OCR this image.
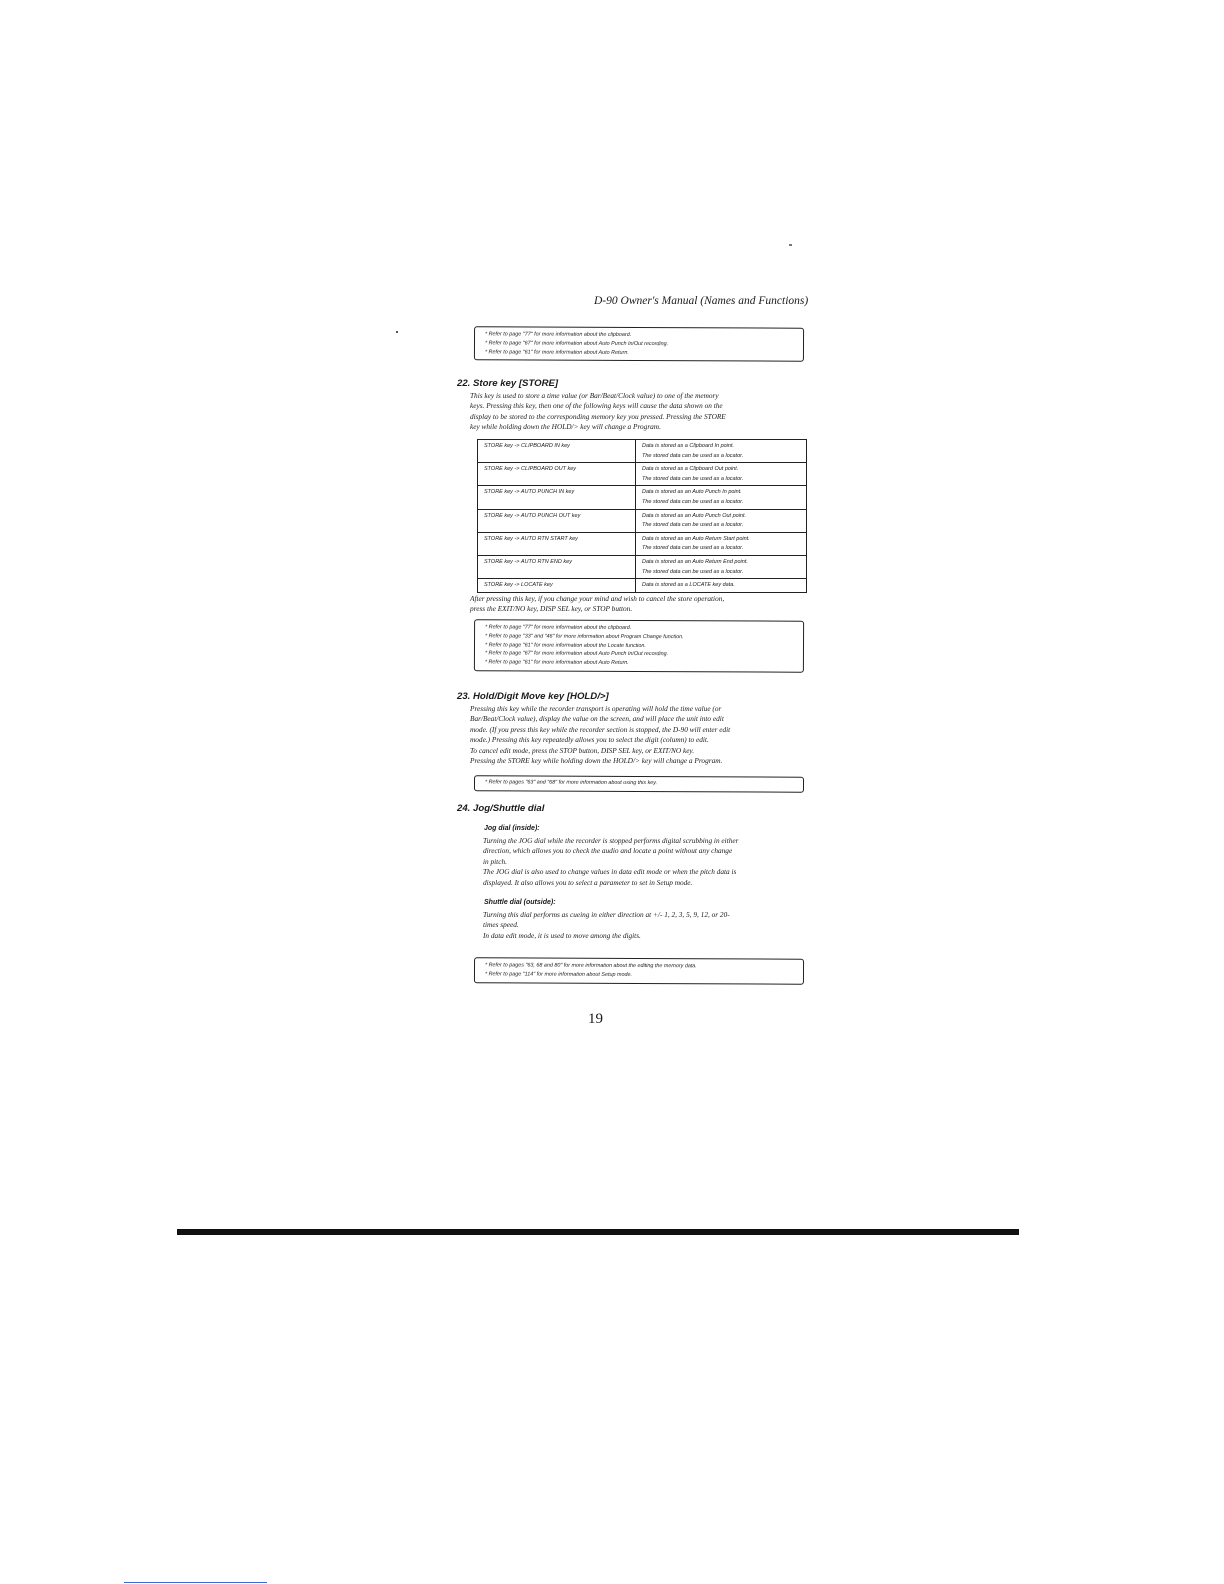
D-90 Owner's Manual (Names and Functions)
* Refer to page "77" for more information about the clipboard.
* Refer to page "67" for more information about Auto Punch In/Out recording.
* Refer to page "61" for more information about Auto Return.
22. Store key [STORE]
This key is used to store a time value (or Bar/Beat/Clock value) to one of the memory
keys. Pressing this key, then one of the following keys will cause the data shown on the
display to be stored to the corresponding memory key you pressed. Pressing the STORE
key while holding down the HOLD/> key will change a Program.
STORE key -> CLIPBOARD IN key	Data is stored as a Clipboard In point.
The stored data can be used as a locator.

STORE key -> CLIPBOARD OUT key	Data is stored as a Clipboard Out point.
The stored data can be used as a locator.

STORE key -> AUTO PUNCH IN key	Data is stored as an Auto Punch In point.
The stored data can be used as a locator.

STORE key -> AUTO PUNCH OUT key	Data is stored as an Auto Punch Out point.
The stored data can be used as a locator.

STORE key -> AUTO RTN START key	Data is stored as an Auto Return Start point.
The stored data can be used as a locator.

STORE key -> AUTO RTN END key	Data is stored as an Auto Return End point.
The stored data can be used as a locator.

STORE key -> LOCATE key	Data is stored as a LOCATE key data.
After pressing this key, if you change your mind and wish to cancel the store operation,
press the EXIT/NO key, DISP SEL key, or STOP button.
* Refer to page "77" for more information about the clipboard.
* Refer to page "33" and "46" for more information about Program Change function.
* Refer to page "61" for more information about the Locate function.
* Refer to page "67" for more information about Auto Punch In/Out recording.
* Refer to page "61" for more information about Auto Return.
23. Hold/Digit Move key [HOLD/>]
Pressing this key while the recorder transport is operating will hold the time value (or
Bar/Beat/Clock value), display the value on the screen, and will place the unit into edit
mode. (If you press this key while the recorder section is stopped, the D-90 will enter edit
mode.) Pressing this key repeatedly allows you to select the digit (column) to edit.
To cancel edit mode, press the STOP button, DISP SEL key, or EXIT/NO key.
Pressing the STORE key while holding down the HOLD/> key will change a Program.
* Refer to pages "63" and "68" for more information about using this key.
24. Jog/Shuttle dial
Jog dial (inside):
Turning the JOG dial while the recorder is stopped performs digital scrubbing in either
direction, which allows you to check the audio and locate a point without any change
in pitch.
The JOG dial is also used to change values in data edit mode or when the pitch data is
displayed. It also allows you to select a parameter to set in Setup mode.
Shuttle dial (outside):
Turning this dial performs as cueing in either direction at +/- 1, 2, 3, 5, 9, 12, or 20-
times speed.
In data edit mode, it is used to move among the digits.
* Refer to pages "63, 68 and 80" for more information about the editing the memory data.
* Refer to page "114" for more information about Setup mode.
19
